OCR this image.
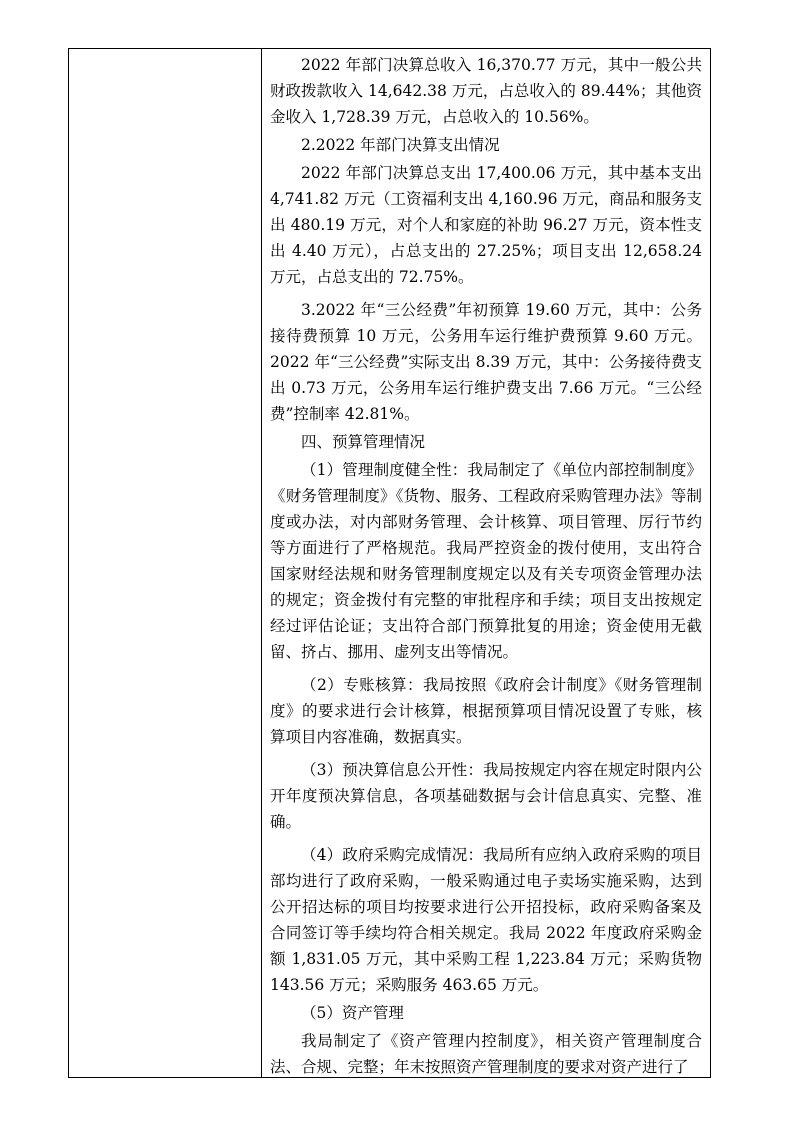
2022 年部门决算总收入 16,370.77 万元，其中一般公共财政拨款收入 14,642.38 万元，占总收入的 89.44%；其他资金收入 1,728.39 万元，占总收入的 10.56%。

2.2022 年部门决算支出情况

2022 年部门决算总支出 17,400.06 万元，其中基本支出 4,741.82 万元（工资福利支出 4,160.96 万元，商品和服务支出 480.19 万元，对个人和家庭的补助 96.27 万元，资本性支出 4.40 万元），占总支出的 27.25%；项目支出 12,658.24 万元，占总支出的 72.75%。

3.2022 年“三公经费”年初预算 19.60 万元，其中：公务接待费预算 10 万元，公务用车运行维护费预算 9.60 万元。2022 年“三公经费”实际支出 8.39 万元，其中：公务接待费支出 0.73 万元，公务用车运行维护费支出 7.66 万元。“三公经费”控制率 42.81%。

四、预算管理情况

（1）管理制度健全性：我局制定了《单位内部控制制度》《财务管理制度》《货物、服务、工程政府采购管理办法》等制度或办法，对内部财务管理、会计核算、项目管理、厉行节约等方面进行了严格规范。我局严控资金的拨付使用，支出符合国家财经法规和财务管理制度规定以及有关专项资金管理办法的规定；资金拨付有完整的审批程序和手续；项目支出按规定经过评估论证；支出符合部门预算批复的用途；资金使用无截留、挤占、挪用、虚列支出等情况。

（2）专账核算：我局按照《政府会计制度》《财务管理制度》的要求进行会计核算，根据预算项目情况设置了专账，核算项目内容准确，数据真实。

（3）预决算信息公开性：我局按规定内容在规定时限内公开年度预决算信息，各项基础数据与会计信息真实、完整、准确。

（4）政府采购完成情况：我局所有应纳入政府采购的项目部均进行了政府采购，一般采购通过电子卖场实施采购，达到公开招达标的项目均按要求进行公开招投标，政府采购备案及合同签订等手续均符合相关规定。我局 2022 年度政府采购金额 1,831.05 万元，其中采购工程 1,223.84 万元；采购货物 143.56 万元；采购服务 463.65 万元。

（5）资产管理

我局制定了《资产管理内控制度》，相关资产管理制度合法、合规、完整；年末按照资产管理制度的要求对资产进行了
